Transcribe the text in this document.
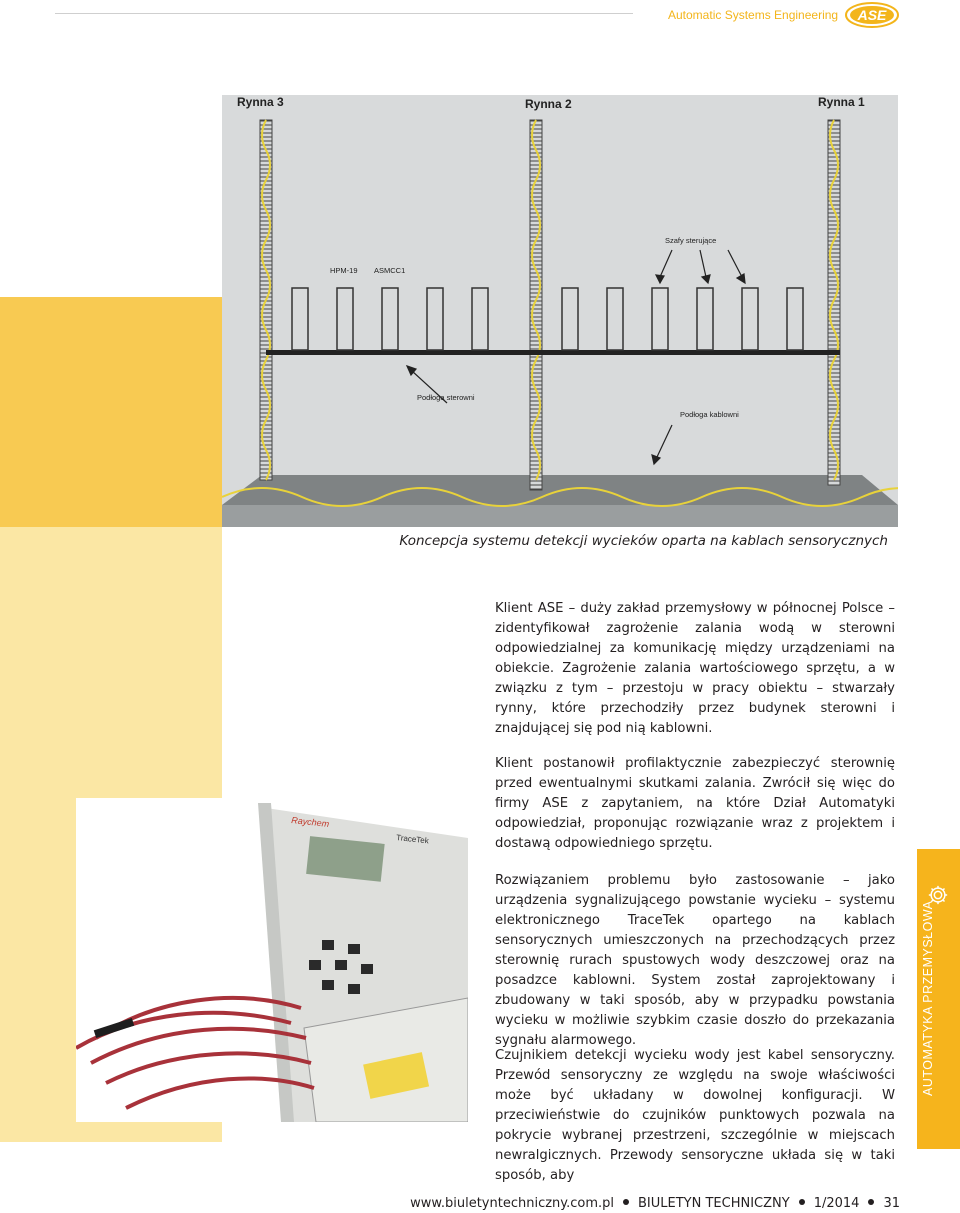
Automatic Systems Engineering ASE
Rynna 3	Rynna 2	Rynna 1
HPM-19 ASMCC1
Szafy sterujące
Podłoga sterowni
Podłoga kablowni
Koncepcja systemu detekcji wycieków oparta na kablach sensorycznych
Raychem
TraceTek

Klient ASE – duży zakład przemysłowy w północnej Polsce – zidentyfikował zagrożenie zalania wodą w sterowni odpowiedzialnej za komunikację między urządzeniami na obiekcie. Zagrożenie zalania wartościowego sprzętu, a w związku z tym – przestoju w pracy obiektu – stwarzały rynny, które przechodziły przez budynek sterowni i znajdującej się pod nią kablowni.

Klient postanowił profilaktycznie zabezpieczyć sterownię przed ewentualnymi skutkami zalania. Zwrócił się więc do firmy ASE z zapytaniem, na które Dział Automatyki odpowiedział, proponując rozwiązanie wraz z projektem i dostawą odpowiedniego sprzętu.

Rozwiązaniem problemu było zastosowanie – jako urządzenia sygnalizującego powstanie wycieku – systemu elektronicznego TraceTek opartego na kablach sensorycznych umieszczonych na przechodzących przez sterownię rurach spustowych wody deszczowej oraz na posadzce kablowni. System został zaprojektowany i zbudowany w taki sposób, aby w przypadku powstania wycieku w możliwie szybkim czasie doszło do przekazania sygnału alarmowego.

Czujnikiem detekcji wycieku wody jest kabel sensoryczny. Przewód sensoryczny ze względu na swoje właściwości może być układany w dowolnej konfiguracji. W przeciwieństwie do czujników punktowych pozwala na pokrycie wybranej przestrzeni, szczególnie w miejscach newralgicznych. Przewody sensoryczne układa się w taki sposób, aby

AUTOMATYKA PRZEMYSŁOWA
www.biuletyntechniczny.com.pl BIULETYN TECHNICZNY 1/2014 31
